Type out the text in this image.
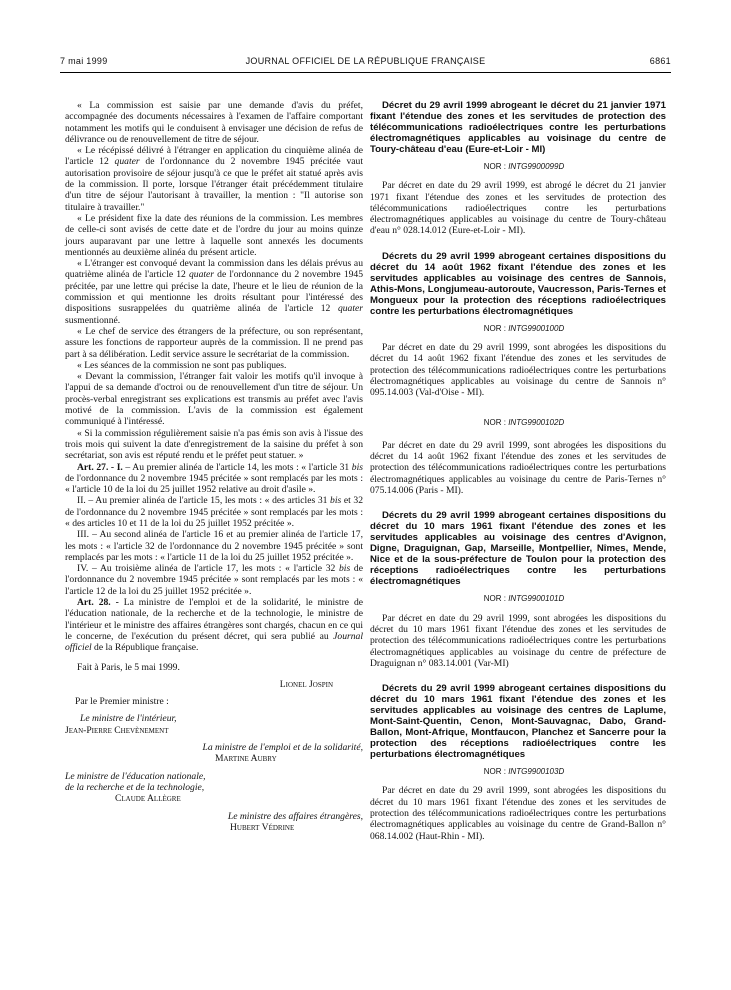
7 mai 1999	JOURNAL OFFICIEL DE LA RÉPUBLIQUE FRANÇAISE	6861

« La commission est saisie par une demande d'avis du préfet, accompagnée des documents nécessaires à l'examen de l'affaire comportant notamment les motifs qui le conduisent à envisager une décision de refus de délivrance ou de renouvellement de titre de séjour.

« Le récépissé délivré à l'étranger en application du cinquième alinéa de l'article 12 quater de l'ordonnance du 2 novembre 1945 précitée vaut autorisation provisoire de séjour jusqu'à ce que le préfet ait statué après avis de la commission. Il porte, lorsque l'étranger était précédemment titulaire d'un titre de séjour l'autorisant à travailler, la mention : "Il autorise son titulaire à travailler."

« Le président fixe la date des réunions de la commission. Les membres de celle-ci sont avisés de cette date et de l'ordre du jour au moins quinze jours auparavant par une lettre à laquelle sont annexés les documents mentionnés au deuxième alinéa du présent article.

« L'étranger est convoqué devant la commission dans les délais prévus au quatrième alinéa de l'article 12 quater de l'ordonnance du 2 novembre 1945 précitée, par une lettre qui précise la date, l'heure et le lieu de réunion de la commission et qui mentionne les droits résultant pour l'intéressé des dispositions susrappelées du quatrième alinéa de l'article 12 quater susmentionné.

« Le chef de service des étrangers de la préfecture, ou son représentant, assure les fonctions de rapporteur auprès de la commission. Il ne prend pas part à sa délibération. Ledit service assure le secrétariat de la commission.

« Les séances de la commission ne sont pas publiques.

« Devant la commission, l'étranger fait valoir les motifs qu'il invoque à l'appui de sa demande d'octroi ou de renouvellement d'un titre de séjour. Un procès-verbal enregistrant ses explications est transmis au préfet avec l'avis motivé de la commission. L'avis de la commission est également communiqué à l'intéressé.

« Si la commission régulièrement saisie n'a pas émis son avis à l'issue des trois mois qui suivent la date d'enregistrement de la saisine du préfet à son secrétariat, son avis est réputé rendu et le préfet peut statuer. »

Art. 27. - I. – Au premier alinéa de l'article 14, les mots : « l'article 31 bis de l'ordonnance du 2 novembre 1945 précitée » sont remplacés par les mots : « l'article 10 de la loi du 25 juillet 1952 relative au droit d'asile ».

II. – Au premier alinéa de l'article 15, les mots : « des articles 31 bis et 32 de l'ordonnance du 2 novembre 1945 précitée » sont remplacés par les mots : « des articles 10 et 11 de la loi du 25 juillet 1952 précitée ».

III. – Au second alinéa de l'article 16 et au premier alinéa de l'article 17, les mots : « l'article 32 de l'ordonnance du 2 novembre 1945 précitée » sont remplacés par les mots : « l'article 11 de la loi du 25 juillet 1952 précitée ».

IV. – Au troisième alinéa de l'article 17, les mots : « l'article 32 bis de l'ordonnance du 2 novembre 1945 précitée » sont remplacés par les mots : « l'article 12 de la loi du 25 juillet 1952 précitée ».

Art. 28. - La ministre de l'emploi et de la solidarité, le ministre de l'éducation nationale, de la recherche et de la technologie, le ministre de l'intérieur et le ministre des affaires étrangères sont chargés, chacun en ce qui le concerne, de l'exécution du présent décret, qui sera publié au Journal officiel de la République française.

Fait à Paris, le 5 mai 1999.

Lionel Jospin

Par le Premier ministre :

Le ministre de l'intérieur,

Jean-Pierre Chevènement

La ministre de l'emploi et de la solidarité,

Martine Aubry

Le ministre de l'éducation nationale,

de la recherche et de la technologie,

Claude Allègre

Le ministre des affaires étrangères,

Hubert Védrine

Décret du 29 avril 1999 abrogeant le décret du 21 janvier 1971 fixant l'étendue des zones et les servitudes de protection des télécommunications radioélectriques contre les perturbations électromagnétiques applicables au voisinage du centre de Toury-château d'eau (Eure-et-Loir - MI)

NOR : INTG9900099D

Par décret en date du 29 avril 1999, est abrogé le décret du 21 janvier 1971 fixant l'étendue des zones et les servitudes de protection des télécommunications radioélectriques contre les perturbations électromagnétiques applicables au voisinage du centre de Toury-château d'eau n° 028.14.012 (Eure-et-Loir - MI).

Décrets du 29 avril 1999 abrogeant certaines dispositions du décret du 14 août 1962 fixant l'étendue des zones et les servitudes applicables au voisinage des centres de Sannois, Athis-Mons, Longjumeau-autoroute, Vaucresson, Paris-Ternes et Mongueux pour la protection des réceptions radioélectriques contre les perturbations électromagnétiques

NOR : INTG9900100D

Par décret en date du 29 avril 1999, sont abrogées les dispositions du décret du 14 août 1962 fixant l'étendue des zones et les servitudes de protection des télécommunications radioélectriques contre les perturbations électromagnétiques applicables au voisinage du centre de Sannois n° 095.14.003 (Val-d'Oise - MI).

NOR : INTG9900102D

Par décret en date du 29 avril 1999, sont abrogées les dispositions du décret du 14 août 1962 fixant l'étendue des zones et les servitudes de protection des télécommunications radioélectriques contre les perturbations électromagnétiques applicables au voisinage du centre de Paris-Ternes n° 075.14.006 (Paris - MI).

Décrets du 29 avril 1999 abrogeant certaines dispositions du décret du 10 mars 1961 fixant l'étendue des zones et les servitudes applicables au voisinage des centres d'Avignon, Digne, Draguignan, Gap, Marseille, Montpellier, Nîmes, Mende, Nice et de la sous-préfecture de Toulon pour la protection des réceptions radioélectriques contre les perturbations électromagnétiques

NOR : INTG9900101D

Par décret en date du 29 avril 1999, sont abrogées les dispositions du décret du 10 mars 1961 fixant l'étendue des zones et les servitudes de protection des télécommunications radioélectriques contre les perturbations électromagnétiques applicables au voisinage du centre de préfecture de Draguignan n° 083.14.001 (Var-MI)

Décrets du 29 avril 1999 abrogeant certaines dispositions du décret du 10 mars 1961 fixant l'étendue des zones et les servitudes applicables au voisinage des centres de Laplume, Mont-Saint-Quentin, Cenon, Mont-Sauvagnac, Dabo, Grand-Ballon, Mont-Afrique, Montfaucon, Planchez et Sancerre pour la protection des réceptions radioélectriques contre les perturbations électromagnétiques

NOR : INTG9900103D

Par décret en date du 29 avril 1999, sont abrogées les dispositions du décret du 10 mars 1961 fixant l'étendue des zones et les servitudes de protection des télécommunications radioélectriques contre les perturbations électromagnétiques applicables au voisinage du centre de Grand-Ballon n° 068.14.002 (Haut-Rhin - MI).
